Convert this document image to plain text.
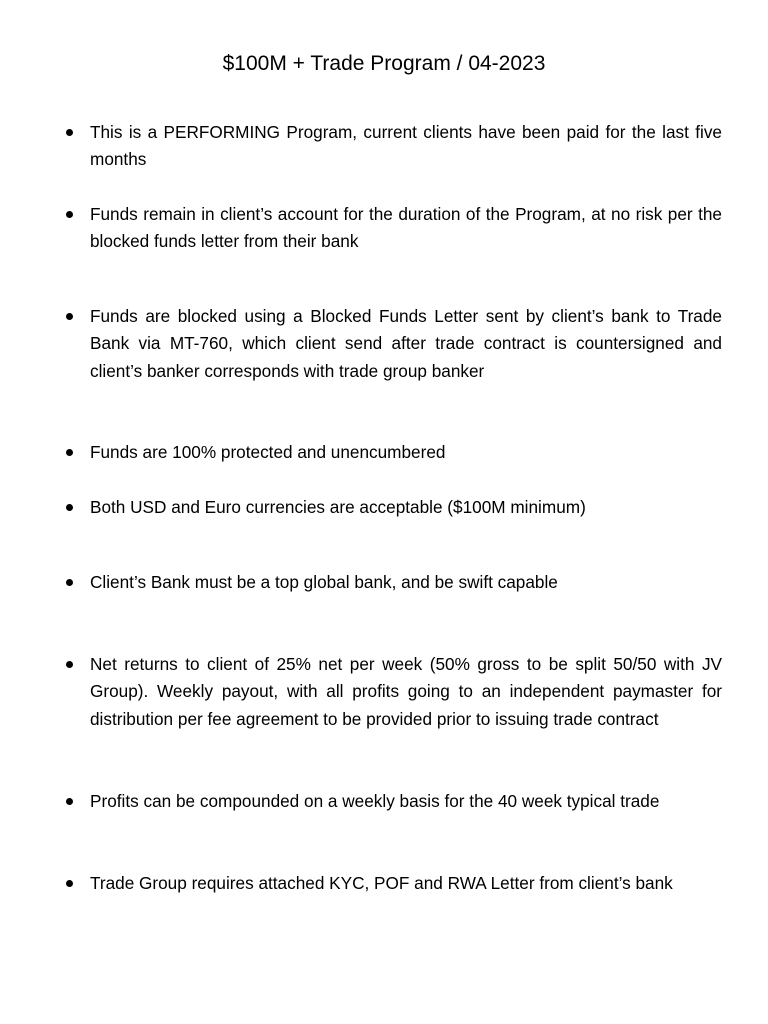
$100M + Trade Program / 04-2023

This is a PERFORMING Program, current clients have been paid for the last five months

Funds remain in client’s account for the duration of the Program, at no risk per the blocked funds letter from their bank

Funds are blocked using a Blocked Funds Letter sent by client’s bank to Trade Bank via MT-760, which client send after trade contract is countersigned and client’s banker corresponds with trade group banker

Funds are 100% protected and unencumbered

Both USD and Euro currencies are acceptable ($100M minimum)

Client’s Bank must be a top global bank, and be swift capable

Net returns to client of 25% net per week (50% gross to be split 50/50 with JV Group). Weekly payout, with all profits going to an independent paymaster for distribution per fee agreement to be provided prior to issuing trade contract

Profits can be compounded on a weekly basis for the 40 week typical trade

Trade Group requires attached KYC, POF and RWA Letter from client’s bank
